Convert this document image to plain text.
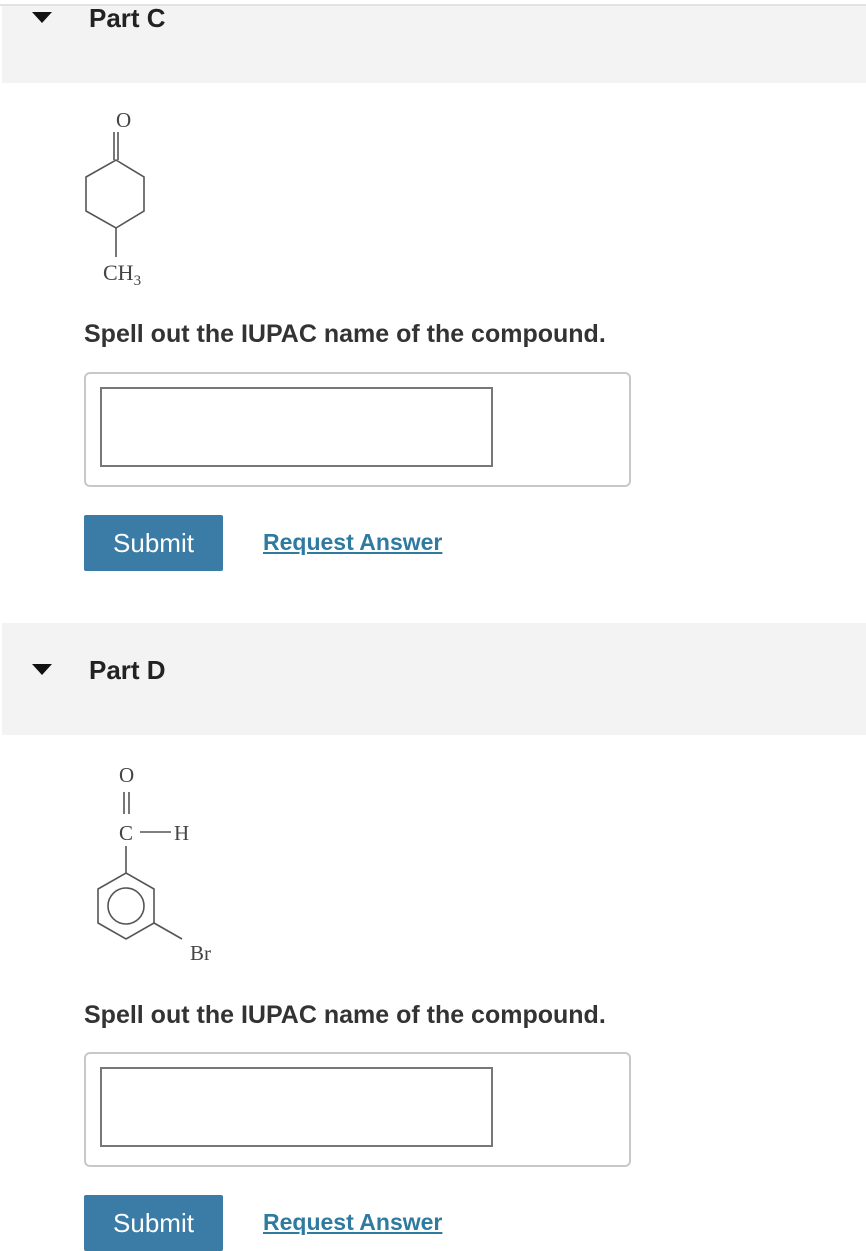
Part C
O
$CH_3$
Spell out the IUPAC name of the compound.
Submit	Request Answer
Part D
O
C H
Br
Spell out the IUPAC name of the compound.
Submit	Request Answer
